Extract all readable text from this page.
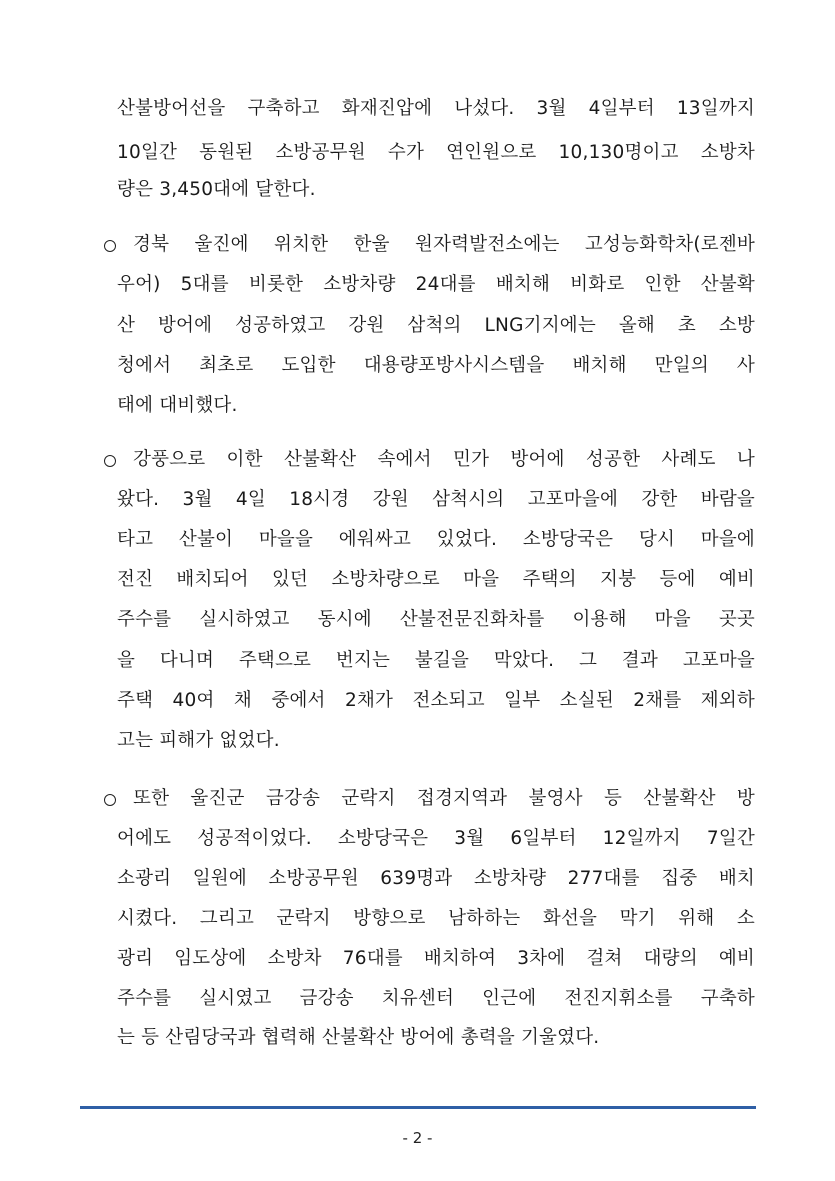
산불방어선을 구축하고 화재진압에 나섰다. 3월 4일부터 13일까지
10일간 동원된 소방공무원 수가 연인원으로 10,130명이고 소방차
량은 3,450대에 달한다.
경북 울진에 위치한 한울 원자력발전소에는 고성능화학차(로젠바
우어) 5대를 비롯한 소방차량 24대를 배치해 비화로 인한 산불확
산 방어에 성공하였고 강원 삼척의 LNG기지에는 올해 초 소방
청에서 최초로 도입한 대용량포방사시스템을 배치해 만일의 사
태에 대비했다.
강풍으로 이한 산불확산 속에서 민가 방어에 성공한 사례도 나
왔다. 3월 4일 18시경 강원 삼척시의 고포마을에 강한 바람을
타고 산불이 마을을 에워싸고 있었다. 소방당국은 당시 마을에
전진 배치되어 있던 소방차량으로 마을 주택의 지붕 등에 예비
주수를 실시하였고 동시에 산불전문진화차를 이용해 마을 곳곳
을 다니며 주택으로 번지는 불길을 막았다. 그 결과 고포마을
주택 40여 채 중에서 2채가 전소되고 일부 소실된 2채를 제외하
고는 피해가 없었다.
또한 울진군 금강송 군락지 접경지역과 불영사 등 산불확산 방
어에도 성공적이었다. 소방당국은 3월 6일부터 12일까지 7일간
소광리 일원에 소방공무원 639명과 소방차량 277대를 집중 배치
시켰다. 그리고 군락지 방향으로 남하하는 화선을 막기 위해 소
광리 임도상에 소방차 76대를 배치하여 3차에 걸쳐 대량의 예비
주수를 실시였고 금강송 치유센터 인근에 전진지휘소를 구축하
는 등 산림당국과 협력해 산불확산 방어에 총력을 기울였다.
- 2 -
